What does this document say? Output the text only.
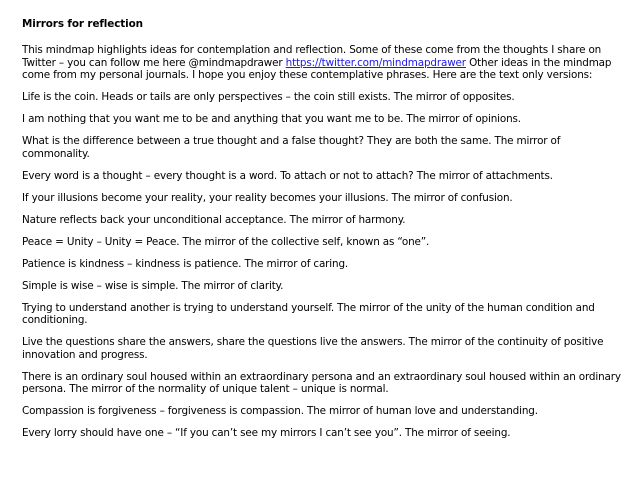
Mirrors for reflection

This mindmap highlights ideas for contemplation and reflection. Some of these come from the thoughts I share on Twitter – you can follow me here @mindmapdrawer https://twitter.com/mindmapdrawer Other ideas in the mindmap come from my personal journals. I hope you enjoy these contemplative phrases. Here are the text only versions:

Life is the coin. Heads or tails are only perspectives – the coin still exists. The mirror of opposites.

I am nothing that you want me to be and anything that you want me to be. The mirror of opinions.

What is the difference between a true thought and a false thought? They are both the same. The mirror of commonality.

Every word is a thought – every thought is a word. To attach or not to attach? The mirror of attachments.

If your illusions become your reality, your reality becomes your illusions. The mirror of confusion.

Nature reflects back your unconditional acceptance. The mirror of harmony.

Peace = Unity – Unity = Peace. The mirror of the collective self, known as “one”.

Patience is kindness – kindness is patience. The mirror of caring.

Simple is wise – wise is simple. The mirror of clarity.

Trying to understand another is trying to understand yourself. The mirror of the unity of the human condition and conditioning.

Live the questions share the answers, share the questions live the answers. The mirror of the continuity of positive innovation and progress.

There is an ordinary soul housed within an extraordinary persona and an extraordinary soul housed within an ordinary persona. The mirror of the normality of unique talent – unique is normal.

Compassion is forgiveness – forgiveness is compassion. The mirror of human love and understanding.

Every lorry should have one – “If you can’t see my mirrors I can’t see you”. The mirror of seeing.
